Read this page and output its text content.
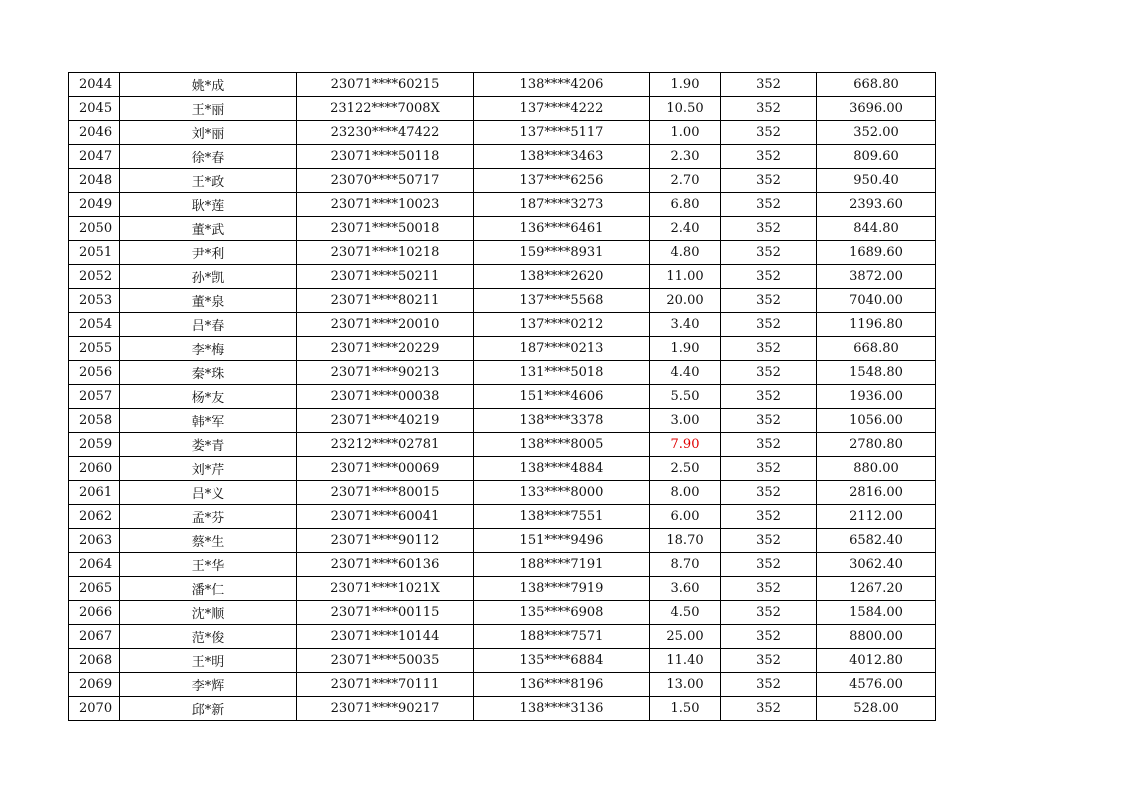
2044	姚*成	23071****60215	138****4206	1.90	352	668.80
2045	王*丽	23122****7008X	137****4222	10.50	352	3696.00
2046	刘*丽	23230****47422	137****5117	1.00	352	352.00
2047	徐*春	23071****50118	138****3463	2.30	352	809.60
2048	王*政	23070****50717	137****6256	2.70	352	950.40
2049	耿*莲	23071****10023	187****3273	6.80	352	2393.60
2050	董*武	23071****50018	136****6461	2.40	352	844.80
2051	尹*利	23071****10218	159****8931	4.80	352	1689.60
2052	孙*凯	23071****50211	138****2620	11.00	352	3872.00
2053	董*泉	23071****80211	137****5568	20.00	352	7040.00
2054	吕*春	23071****20010	137****0212	3.40	352	1196.80
2055	李*梅	23071****20229	187****0213	1.90	352	668.80
2056	秦*珠	23071****90213	131****5018	4.40	352	1548.80
2057	杨*友	23071****00038	151****4606	5.50	352	1936.00
2058	韩*军	23071****40219	138****3378	3.00	352	1056.00
2059	娄*青	23212****02781	138****8005	7.90	352	2780.80
2060	刘*芹	23071****00069	138****4884	2.50	352	880.00
2061	吕*义	23071****80015	133****8000	8.00	352	2816.00
2062	孟*芬	23071****60041	138****7551	6.00	352	2112.00
2063	蔡*生	23071****90112	151****9496	18.70	352	6582.40
2064	王*华	23071****60136	188****7191	8.70	352	3062.40
2065	潘*仁	23071****1021X	138****7919	3.60	352	1267.20
2066	沈*顺	23071****00115	135****6908	4.50	352	1584.00
2067	范*俊	23071****10144	188****7571	25.00	352	8800.00
2068	王*明	23071****50035	135****6884	11.40	352	4012.80
2069	李*辉	23071****70111	136****8196	13.00	352	4576.00
2070	邱*新	23071****90217	138****3136	1.50	352	528.00
